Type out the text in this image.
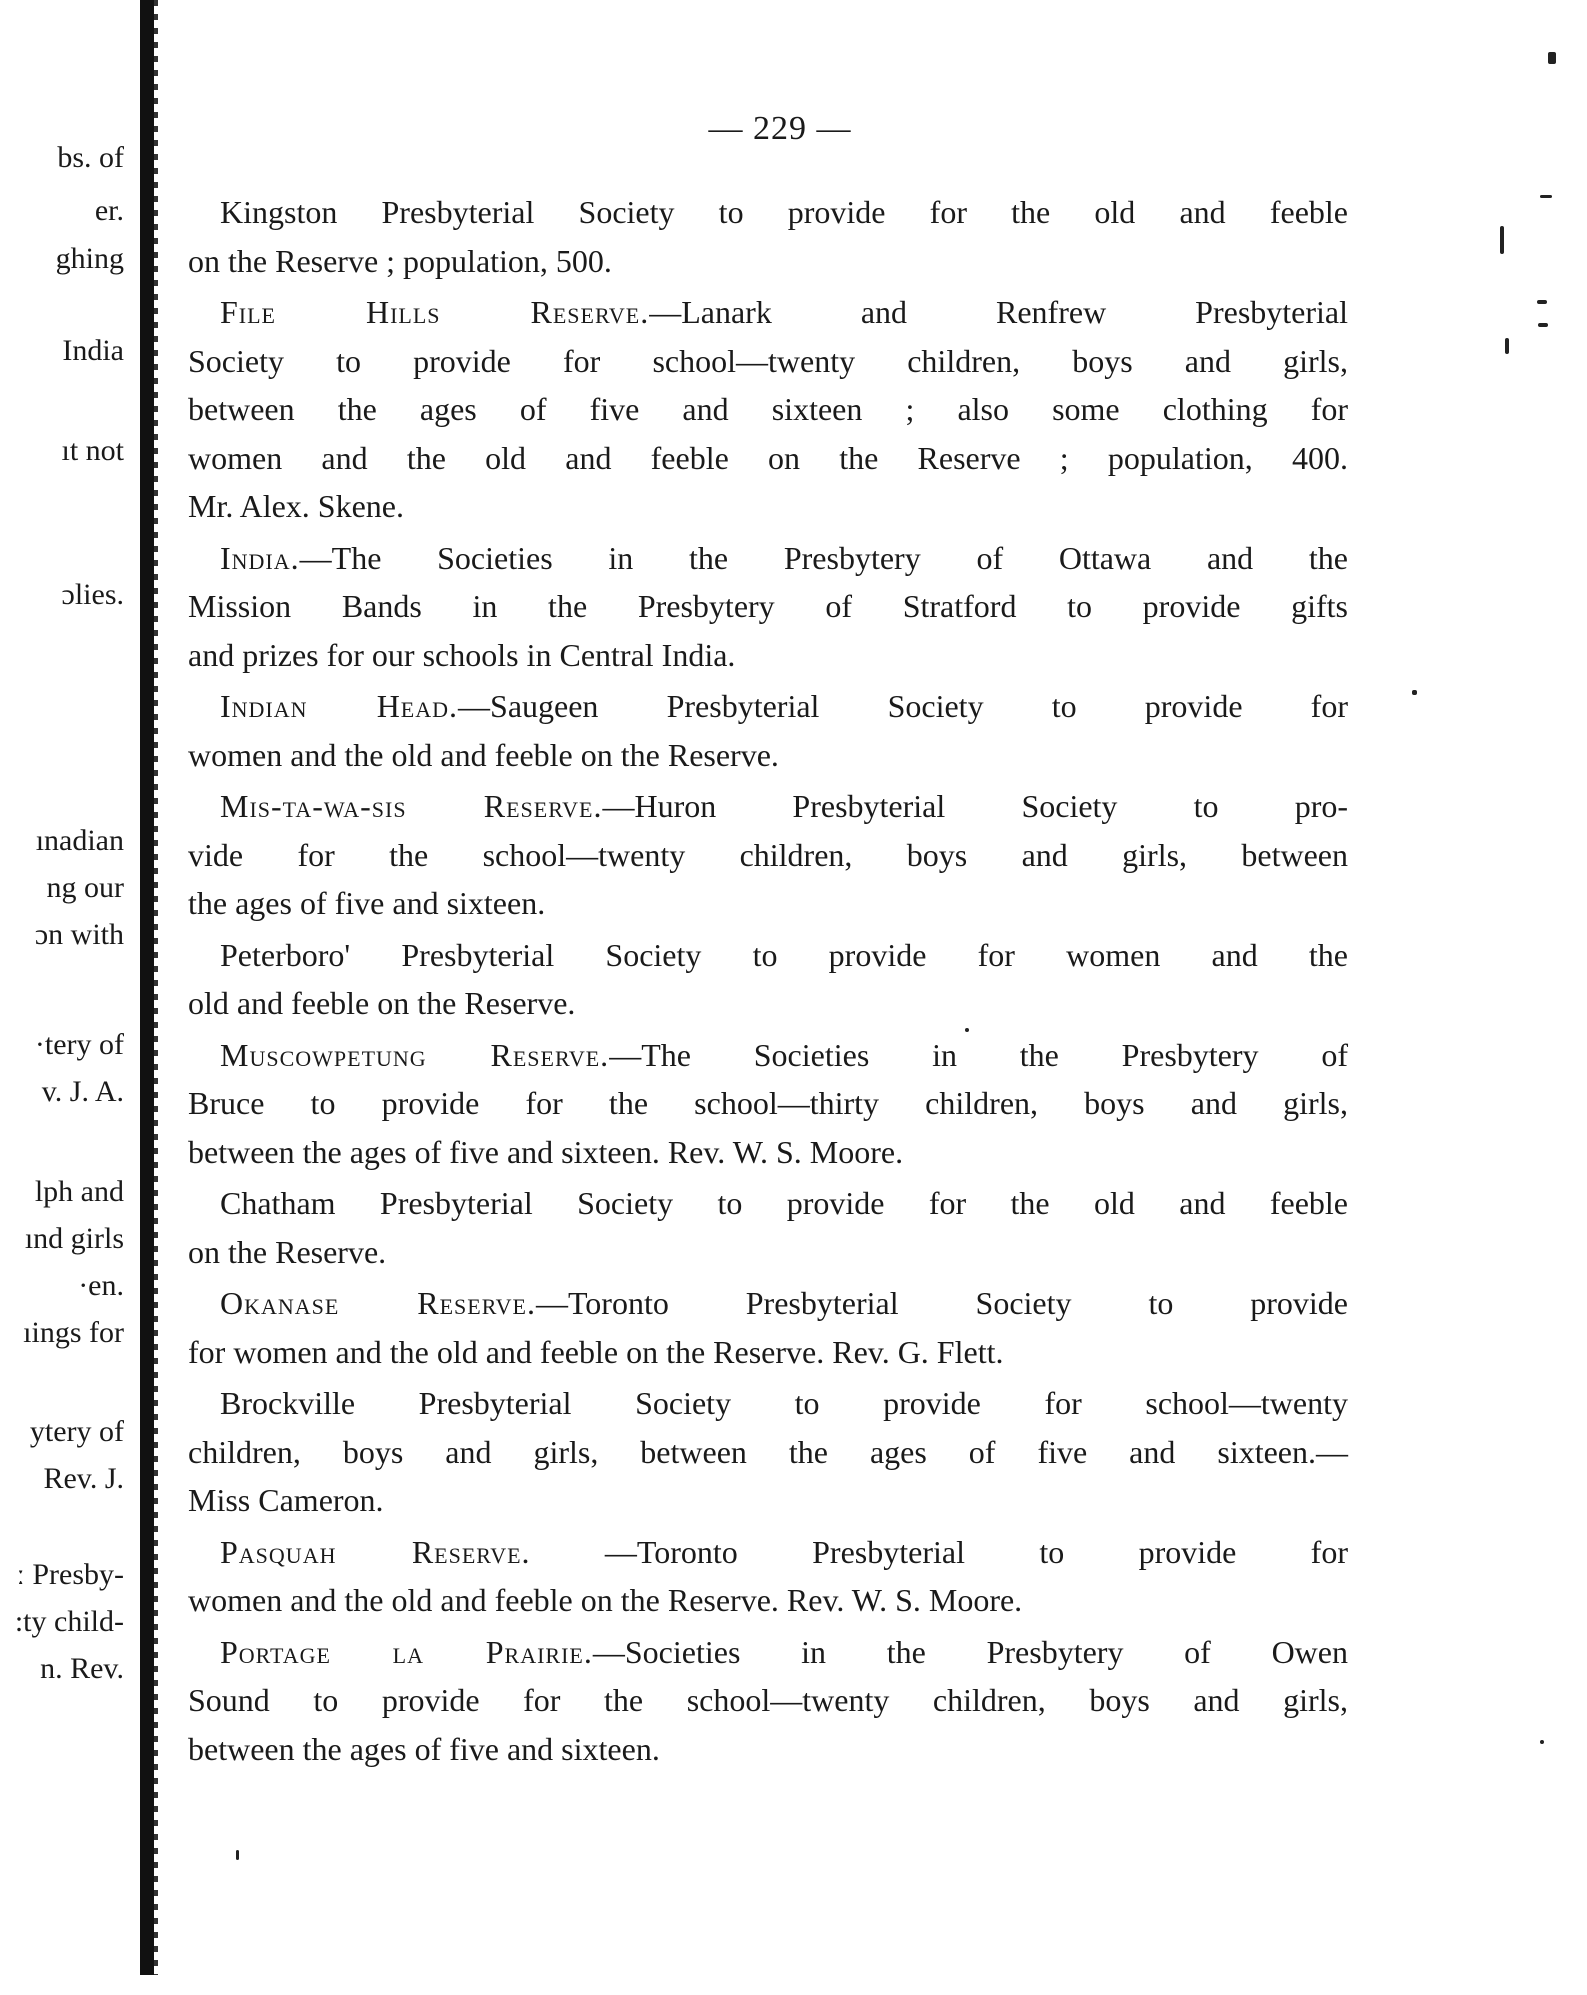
— 229 —
bs. of
er.
ghing
India
ıt not
ɔlies.
ınadian
ng our
ɔn with
·tery of
v. J. A.
lph and
ınd girls
·en.
ıings for
ytery of
Rev. J.
ː Presby-
:ty child-
n. Rev.
Kingston Presbyterial Society to provide for the old and feeble
on the Reserve ; population, 500.
File Hills Reserve.—Lanark and Renfrew Presbyterial
Society to provide for school—twenty children, boys and girls,
between the ages of five and sixteen ; also some clothing for
women and the old and feeble on the Reserve ; population, 400.
Mr. Alex. Skene.
India.—The Societies in the Presbytery of Ottawa and the
Mission Bands in the Presbytery of Stratford to provide gifts
and prizes for our schools in Central India.
Indian Head.—Saugeen Presbyterial Society to provide for
women and the old and feeble on the Reserve.
Mis-ta-wa-sis Reserve.—Huron Presbyterial Society to pro-
vide for the school—twenty children, boys and girls, between
the ages of five and sixteen.
Peterboro' Presbyterial Society to provide for women and the
old and feeble on the Reserve.
Muscowpetung Reserve.—The Societies in the Presbytery of
Bruce to provide for the school—thirty children, boys and girls,
between the ages of five and sixteen. Rev. W. S. Moore.
Chatham Presbyterial Society to provide for the old and feeble
on the Reserve.
Okanase Reserve.—Toronto Presbyterial Society to provide
for women and the old and feeble on the Reserve. Rev. G. Flett.
Brockville Presbyterial Society to provide for school—twenty
children, boys and girls, between the ages of five and sixteen.—
Miss Cameron.
Pasquah Reserve. —Toronto Presbyterial to provide for
women and the old and feeble on the Reserve. Rev. W. S. Moore.
Portage la Prairie.—Societies in the Presbytery of Owen
Sound to provide for the school—twenty children, boys and girls,
between the ages of five and sixteen.
